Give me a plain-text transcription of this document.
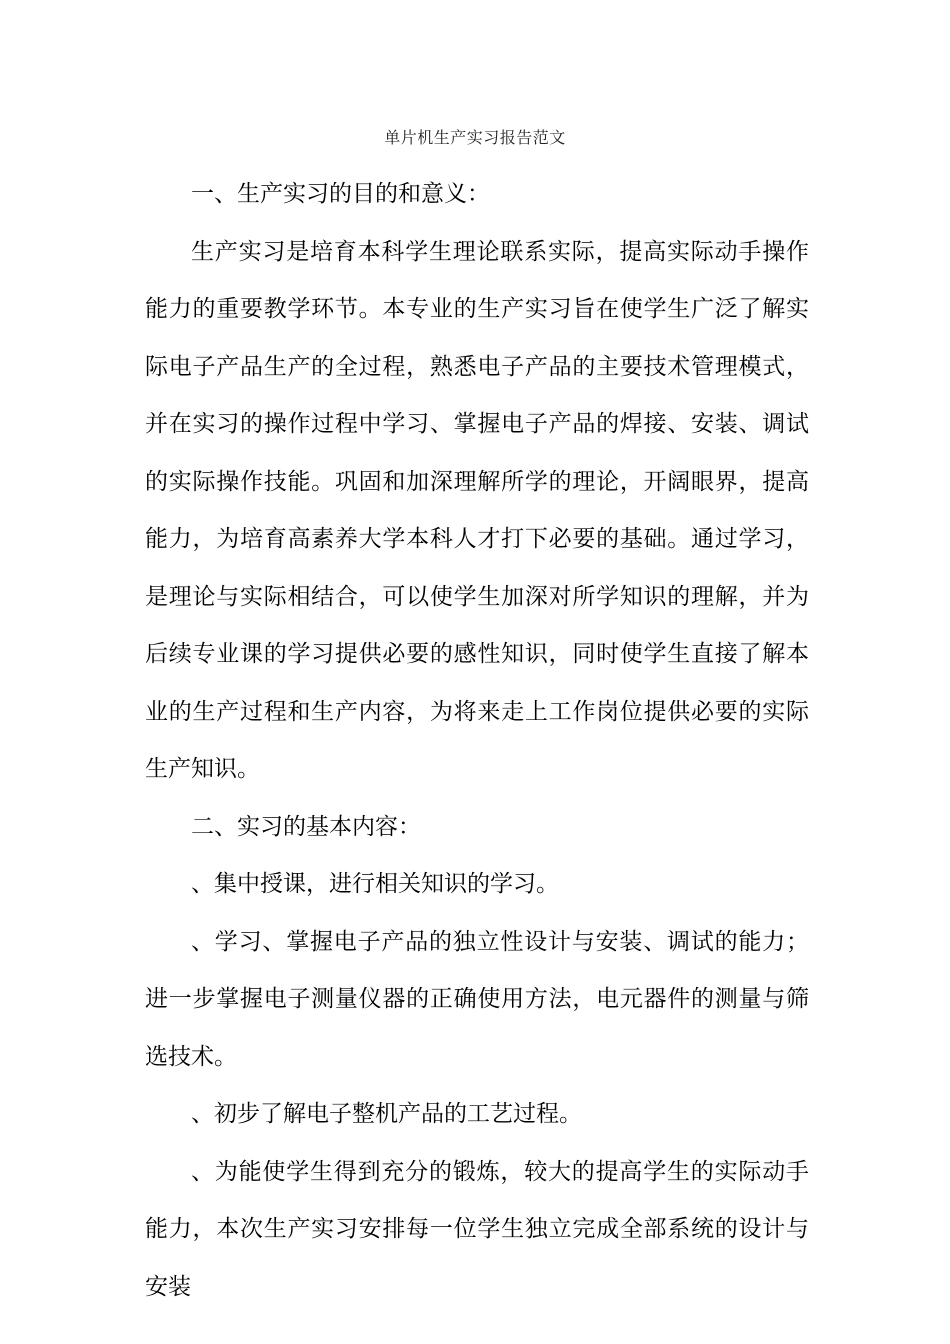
单片机生产实习报告范文

一、生产实习的目的和意义：

生产实习是培育本科学生理论联系实际，提高实际动手操作能力的重要教学环节。本专业的生产实习旨在使学生广泛了解实际电子产品生产的全过程，熟悉电子产品的主要技术管理模式，并在实习的操作过程中学习、掌握电子产品的焊接、安装、调试的实际操作技能。巩固和加深理解所学的理论，开阔眼界，提高能力，为培育高素养大学本科人才打下必要的基础。通过学习，是理论与实际相结合，可以使学生加深对所学知识的理解，并为后续专业课的学习提供必要的感性知识，同时使学生直接了解本业的生产过程和生产内容，为将来走上工作岗位提供必要的实际生产知识。

二、实习的基本内容：

、集中授课，进行相关知识的学习。

、学习、掌握电子产品的独立性设计与安装、调试的能力；进一步掌握电子测量仪器的正确使用方法，电元器件的测量与筛选技术。

、初步了解电子整机产品的工艺过程。

、为能使学生得到充分的锻炼，较大的提高学生的实际动手能力，本次生产实习安排每一位学生独立完成全部系统的设计与安装
